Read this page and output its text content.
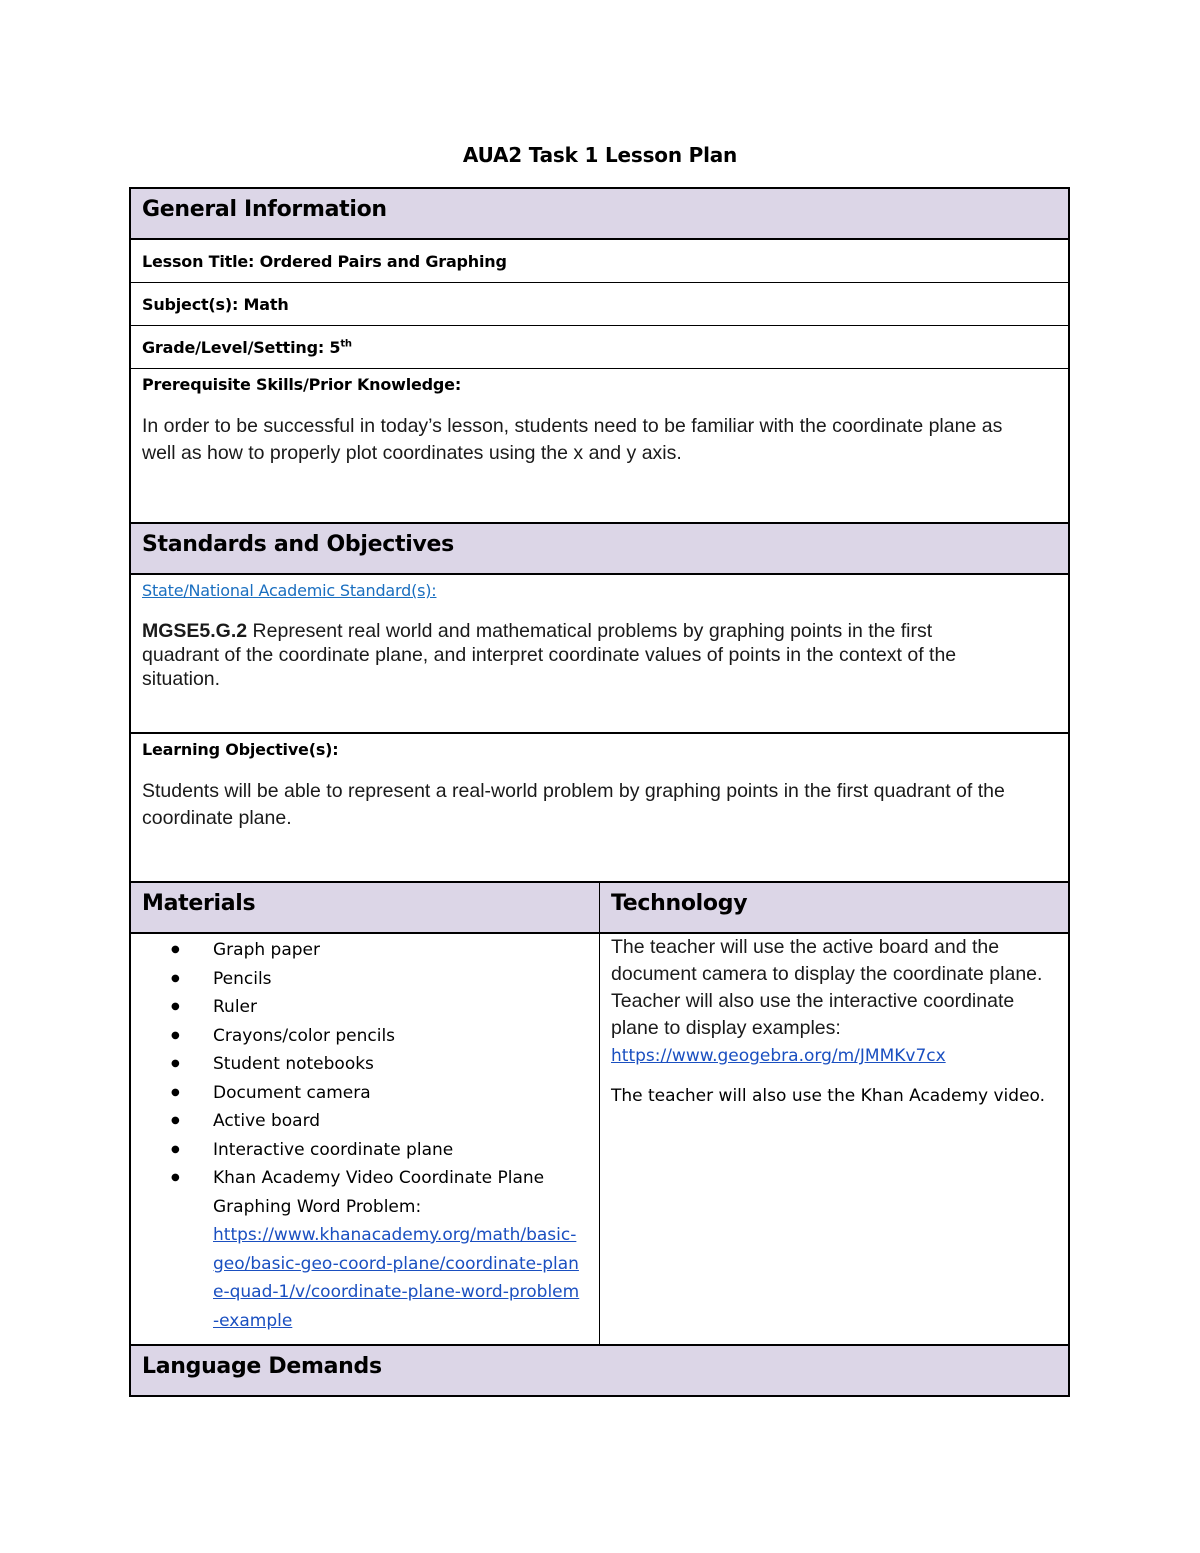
AUA2 Task 1 Lesson Plan
General Information
Lesson Title: Ordered Pairs and Graphing
Subject(s): Math
Grade/Level/Setting: 5th
Prerequisite Skills/Prior Knowledge:
In order to be successful in today’s lesson, students need to be familiar with the coordinate plane as well as how to properly plot coordinates using the x and y axis.
Standards and Objectives
State/National Academic Standard(s):
MGSE5.G.2 Represent real world and mathematical problems by graphing points in the first quadrant of the coordinate plane, and interpret coordinate values of points in the context of the situation.
Learning Objective(s):
Students will be able to represent a real-world problem by graphing points in the first quadrant of the coordinate plane.
Materials	Technology
● Graph paper
● Pencils
● Ruler
● Crayons/color pencils
● Student notebooks
● Document camera
● Active board
● Interactive coordinate plane
● Khan Academy Video Coordinate Plane Graphing Word Problem:
https://www.khanacademy.org/math/basic-geo/basic-geo-coord-plane/coordinate-plane-quad-1/v/coordinate-plane-word-problem-example
The teacher will use the active board and the document camera to display the coordinate plane. Teacher will also use the interactive coordinate plane to display examples:
https://www.geogebra.org/m/JMMKv7cx
The teacher will also use the Khan Academy video.
Language Demands
